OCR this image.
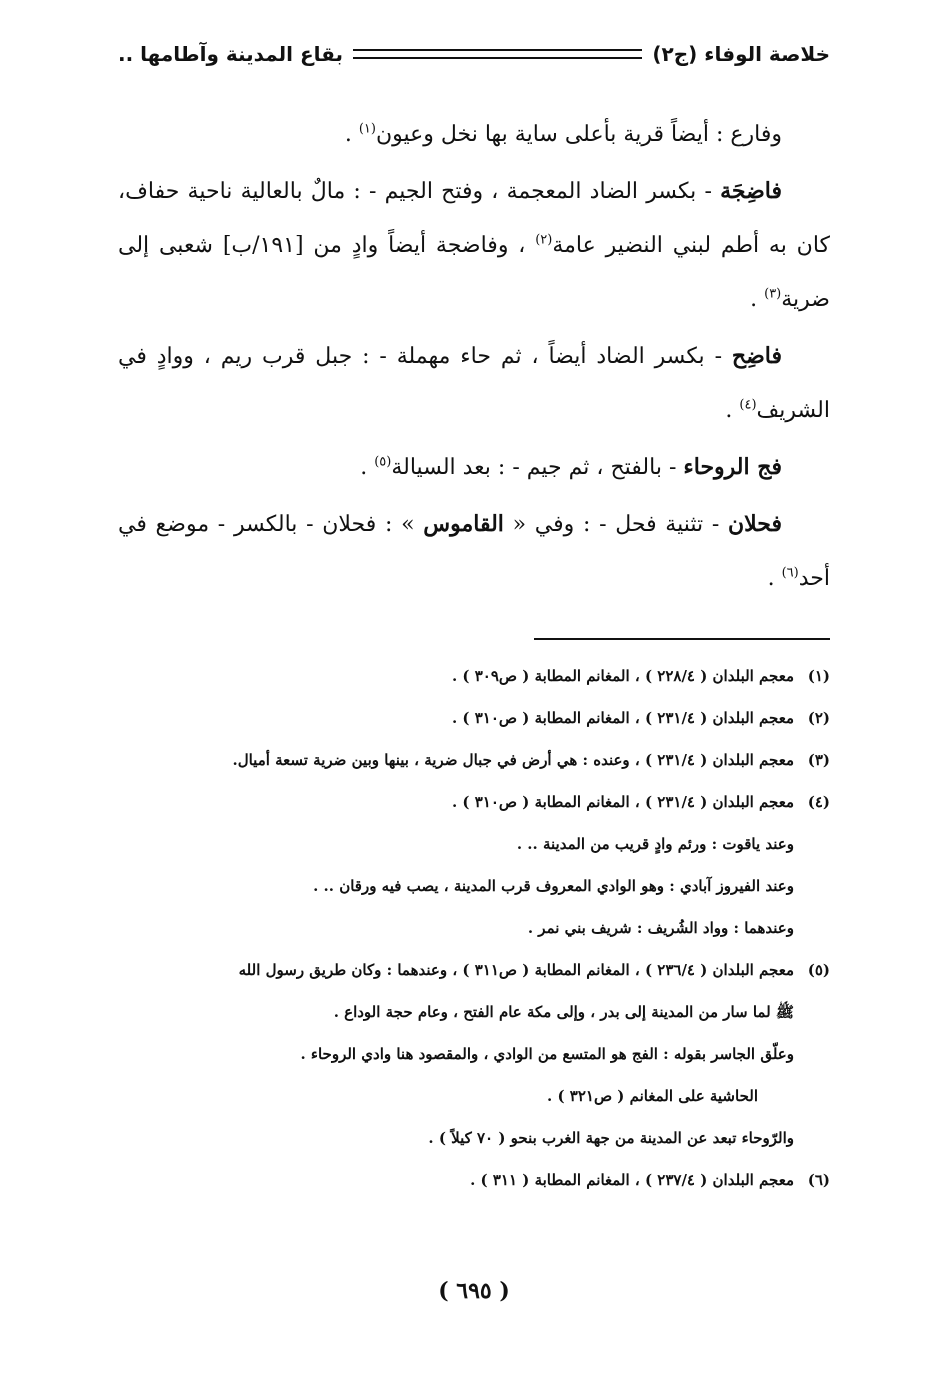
خلاصة الوفاء (ج٢)
بقاع المدينة وآطامها ..

وفارع : أيضاً قرية بأعلى ساية بها نخل وعيون$^{(١)}$ .

فاضِجَة - بكسر الضاد المعجمة ، وفتح الجيم - : مالٌ بالعالية ناحية حفاف، كان به أطم لبني النضير عامة$^{(٢)}$ ، وفاضجة أيضاً وادٍ من [١٩١/ب] شعبى إلى ضرية$^{(٣)}$ .

فاضِح - بكسر الضاد أيضاً ، ثم حاء مهملة - : جبل قرب ريم ، ووادٍ في الشريف$^{(٤)}$ .

فج الروحاء - بالفتح ، ثم جيم - : بعد السيالة$^{(٥)}$ .

فحلان - تثنية فحل - : وفي « القاموس » : فحلان - بالكسر - موضع في أحد$^{(٦)}$ .

(١)
معجم البلدان ( ٢٢٨/٤ ) ، المغانم المطابة ( ص٣٠٩ ) .
(٢)
معجم البلدان ( ٢٣١/٤ ) ، المغانم المطابة ( ص٣١٠ ) .
(٣)
معجم البلدان ( ٢٣١/٤ ) ، وعنده : هي أرض في جبال ضرية ، بينها وبين ضرية تسعة أميال.
(٤)
معجم البلدان ( ٢٣١/٤ ) ، المغانم المطابة ( ص٣١٠ ) .
وعند ياقوت : ورئم وادٍ قريب من المدينة .. .
وعند الفيروز آبادي : وهو الوادي المعروف قرب المدينة ، يصب فيه ورقان .. .
وعندهما : وواد الشُريف : شريف بني نمر .
(٥)
معجم البلدان ( ٢٣٦/٤ ) ، المغانم المطابة ( ص٣١١ ) ، وعندهما : وكان طريق رسول الله
ﷺ لما سار من المدينة إلى بدر ، وإلى مكة عام الفتح ، وعام حجة الوداع .
وعلّق الجاسر بقوله : الفج هو المتسع من الوادي ، والمقصود هنا وادي الروحاء .
الحاشية على المغانم ( ص٣٢١ ) .
والرّوحاء تبعد عن المدينة من جهة الغرب بنحو ( ٧٠ كيلاً ) .
(٦)
معجم البلدان ( ٢٣٧/٤ ) ، المغانم المطابة ( ٣١١ ) .
( ٦٩٥ )
